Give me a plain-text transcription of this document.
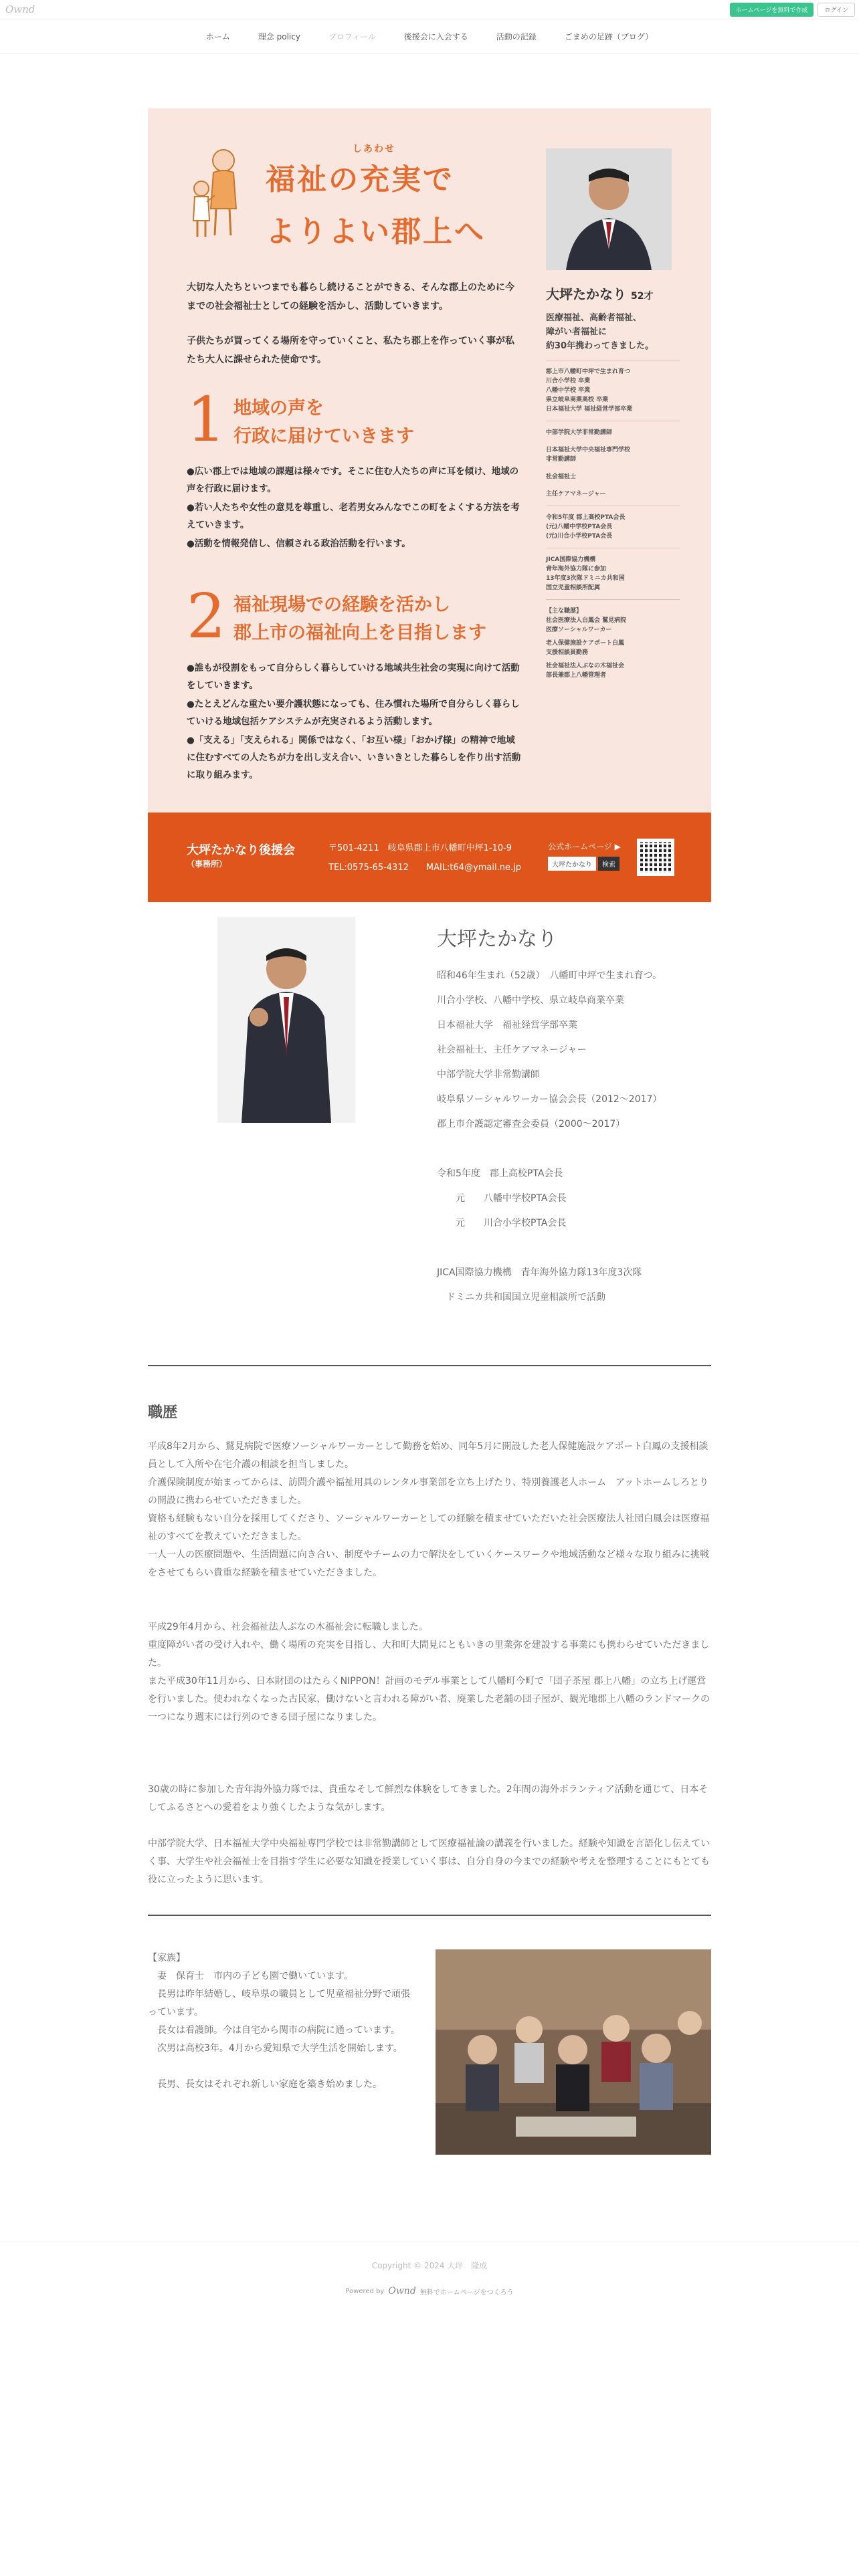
Ownd	ホームページを無料で作成	ログイン
ホーム	理念 policy	プロフィール	後援会に入会する	活動の記録	ごまめの足跡（ブログ）
しあわせ
福祉の充実で
よりよい郡上へ

大切な人たちといつまでも暮らし続けることができる、そんな郡上のために今までの社会福祉士としての経験を活かし、活動していきます。

子供たちが買ってくる場所を守っていくこと、私たち郡上を作っていく事が私たち大人に課せられた使命です。

1 地域の声を
行政に届けていきます

●広い郡上では地域の課題は様々です。そこに住む人たちの声に耳を傾け、地域の声を行政に届けます。

●若い人たちや女性の意見を尊重し、老若男女みんなでこの町をよくする方法を考えていきます。

●活動を情報発信し、信頼される政治活動を行います。

2 福祉現場での経験を活かし
郡上市の福祉向上を目指します

●誰もが役割をもって自分らしく暮らしていける地域共生社会の実現に向けて活動をしていきます。

●たとえどんな重たい要介護状態になっても、住み慣れた場所で自分らしく暮らしていける地域包括ケアシステムが充実されるよう活動します。

●「支える」「支えられる」関係ではなく、「お互い様」「おかげ様」の精神で地域に住むすべての人たちが力を出し支え合い、いきいきとした暮らしを作り出す活動に取り組みます。

大坪たかなり 52才
医療福祉、高齢者福祉、
障がい者福祉に
約30年携わってきました。
郡上市八幡町中坪で生まれ育つ
川合小学校 卒業
八幡中学校 卒業
県立岐阜商業高校 卒業
日本福祉大学 福祉経営学部卒業
中部学院大学非常勤講師
日本福祉大学中央福祉専門学校
非常勤講師
社会福祉士
主任ケアマネージャー
令和5年度 郡上高校PTA会長
(元)八幡中学校PTA会長
(元)川合小学校PTA会長
JICA国際協力機構
青年海外協力隊に参加
13年度3次隊ドミニカ共和国
国立児童相談所配属
【主な職歴】
社会医療法人白鳳会 鷲見病院
医療ソーシャルワーカー
老人保健施設ケアポート白鳳
支援相談員勤務
社会福祉法人ぶなの木福祉会
部長兼郡上八幡管理者
大坪たかなり後援会
（事務所）
〒501-4211　岐阜県郡上市八幡町中坪1-10-9
TEL:0575-65-4312　　MAIL:t64@ymail.ne.jp
公式ホームページ ▶
大坪たかなり	検索
大坪たかなり
昭和46年生まれ（52歳）　八幡町中坪で生まれ育つ。
川合小学校、八幡中学校、県立岐阜商業卒業
日本福祉大学　福祉経営学部卒業
社会福祉士、主任ケアマネージャー
中部学院大学非常勤講師
岐阜県ソーシャルワーカー協会会長（2012〜2017）
郡上市介護認定審査会委員（2000〜2017）
令和5年度　郡上高校PTA会長
　　元　　八幡中学校PTA会長
　　元　　川合小学校PTA会長
JICA国際協力機構　青年海外協力隊13年度3次隊
　ドミニカ共和国国立児童相談所で活動
職歴

平成8年2月から、鷲見病院で医療ソーシャルワーカーとして勤務を始め、同年5月に開設した老人保健施設ケアポート白鳳の支援相談員として入所や在宅介護の相談を担当しました。

介護保険制度が始まってからは、訪問介護や福祉用具のレンタル事業部を立ち上げたり、特別養護老人ホーム　アットホームしろとりの開設に携わらせていただきました。

資格も経験もない自分を採用してくださり、ソーシャルワーカーとしての経験を積ませていただいた社会医療法人社団白鳳会は医療福祉のすべてを教えていただきました。

一人一人の医療問題や、生活問題に向き合い、制度やチームの力で解決をしていくケースワークや地域活動など様々な取り組みに挑戦をさせてもらい貴重な経験を積ませていただきました。

平成29年4月から、社会福祉法人ぶなの木福祉会に転職しました。

重度障がい者の受け入れや、働く場所の充実を目指し、大和町大間見にともいきの里業弥を建設する事業にも携わらせていただきました。

また平成30年11月から、日本財団のはたらくNIPPON！計画のモデル事業として八幡町今町で「団子茶屋 郡上八幡」の立ち上げ運営を行いました。使われなくなった古民家、働けないと言われる障がい者、廃業した老舗の団子屋が、観光地郡上八幡のランドマークの一つになり週末には行列のできる団子屋になりました。

30歳の時に参加した青年海外協力隊では、貴重なそして鮮烈な体験をしてきました。2年間の海外ボランティア活動を通じて、日本そしてふるさとへの愛着をより強くしたような気がします。

中部学院大学、日本福祉大学中央福祉専門学校では非常勤講師として医療福祉論の講義を行いました。経験や知識を言語化し伝えていく事、大学生や社会福祉士を目指す学生に必要な知識を授業していく事は、自分自身の今までの経験や考えを整理することにもとても役に立ったように思います。

【家族】

　妻　保育士　市内の子ども園で働いています。

　長男は昨年結婚し、岐阜県の職員として児童福祉分野で頑張っています。

　長女は看護師。今は自宅から関市の病院に通っています。

　次男は高校3年。4月から愛知県で大学生活を開始します。

　長男、長女はそれぞれ新しい家庭を築き始めました。

Copyright © 2024 大坪　隆成
Powered by Ownd 無料でホームページをつくろう
